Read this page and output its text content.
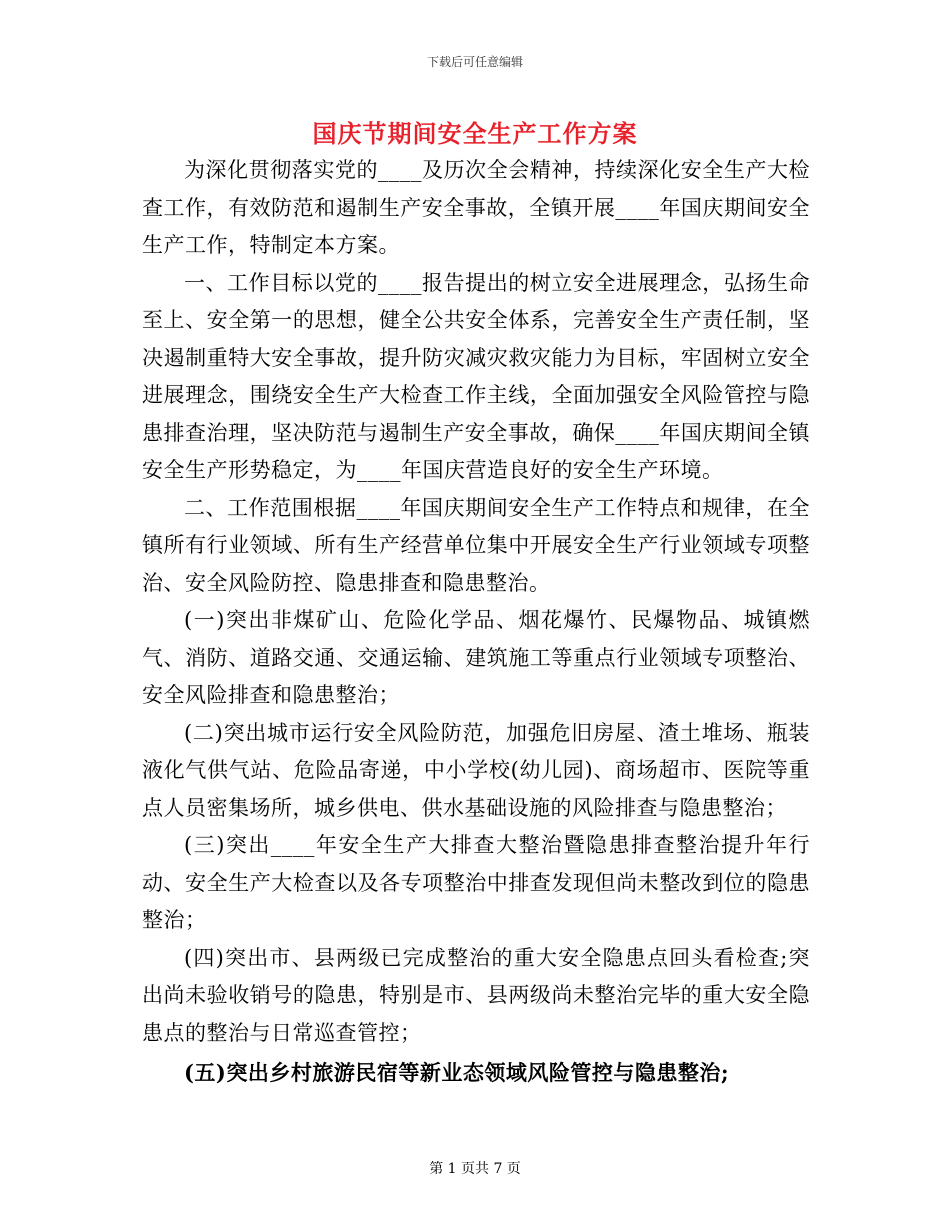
下载后可任意编辑
国庆节期间安全生产工作方案

为深化贯彻落实党的____及历次全会精神，持续深化安全生产大检查工作，有效防范和遏制生产安全事故，全镇开展____年国庆期间安全生产工作，特制定本方案。

一、工作目标以党的____报告提出的树立安全进展理念，弘扬生命至上、安全第一的思想，健全公共安全体系，完善安全生产责任制，坚决遏制重特大安全事故，提升防灾减灾救灾能力为目标，牢固树立安全进展理念，围绕安全生产大检查工作主线，全面加强安全风险管控与隐患排查治理，坚决防范与遏制生产安全事故，确保____年国庆期间全镇安全生产形势稳定，为____年国庆营造良好的安全生产环境。

二、工作范围根据____年国庆期间安全生产工作特点和规律，在全镇所有行业领域、所有生产经营单位集中开展安全生产行业领域专项整治、安全风险防控、隐患排查和隐患整治。

(一)突出非煤矿山、危险化学品、烟花爆竹、民爆物品、城镇燃气、消防、道路交通、交通运输、建筑施工等重点行业领域专项整治、安全风险排查和隐患整治；

(二)突出城市运行安全风险防范，加强危旧房屋、渣土堆场、瓶装液化气供气站、危险品寄递，中小学校(幼儿园)、商场超市、医院等重点人员密集场所，城乡供电、供水基础设施的风险排查与隐患整治；

(三)突出____年安全生产大排查大整治暨隐患排查整治提升年行动、安全生产大检查以及各专项整治中排查发现但尚未整改到位的隐患整治；

(四)突出市、县两级已完成整治的重大安全隐患点回头看检查;突出尚未验收销号的隐患，特别是市、县两级尚未整治完毕的重大安全隐患点的整治与日常巡查管控；

(五)突出乡村旅游民宿等新业态领域风险管控与隐患整治;

第 1 页共 7 页
